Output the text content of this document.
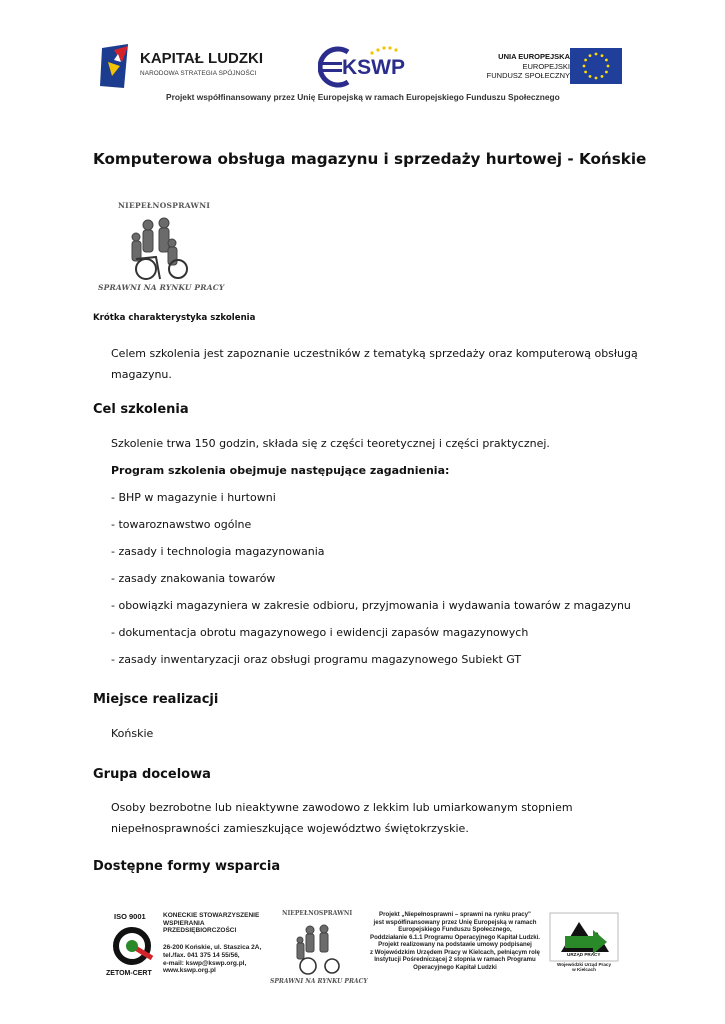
KAPITAŁ LUDZKI
NARODOWA STRATEGIA SPÓJNOŚCI	KSWP	UNIA EUROPEJSKA
EUROPEJSKI
FUNDUSZ SPOŁECZNY
Projekt współfinansowany przez Unię Europejską w ramach Europejskiego Funduszu Społecznego
Komputerowa obsługa magazynu i sprzedaży hurtowej - Końskie
NIEPEŁNOSPRAWNI
SPRAWNI NA RYNKU PRACY
Krótka charakterystyka szkolenia

Celem szkolenia jest zapoznanie uczestników z tematyką sprzedaży oraz komputerową obsługą magazynu.

Cel szkolenia

Szkolenie trwa 150 godzin, składa się z części teoretycznej i części praktycznej.

Program szkolenia obejmuje następujące zagadnienia:

- BHP w magazynie i hurtowni

- towaroznawstwo ogólne

- zasady i technologia magazynowania

- zasady znakowania towarów

- obowiązki magazyniera w zakresie odbioru, przyjmowania i wydawania towarów z magazynu

- dokumentacja obrotu magazynowego i ewidencji zapasów magazynowych

- zasady inwentaryzacji oraz obsługi programu magazynowego Subiekt GT

Miejsce realizacji

Końskie

Grupa docelowa

Osoby bezrobotne lub nieaktywne zawodowo z lekkim lub umiarkowanym stopniem niepełnosprawności zamieszkujące województwo świętokrzyskie.

Dostępne formy wsparcia
ISO 9001
ZETOM-CERT
KONECKIE STOWARZYSZENIE
WSPIERANIA
PRZEDSIĘBIORCZOŚCI
26-200 Końskie, ul. Staszica 2A,
tel./fax. 041 375 14 55/56,
e-mail: kswp@kswp.org.pl,
www.kswp.org.pl
NIEPEŁNOSPRAWNI
SPRAWNI NA RYNKU PRACY
Projekt „Niepełnosprawni – sprawni na rynku pracy"
jest współfinansowany przez Unię Europejską w ramach
Europejskiego Funduszu Społecznego,
Poddziałanie 6.1.1 Programu Operacyjnego Kapitał Ludzki.
Projekt realizowany na podstawie umowy podpisanej
z Wojewódzkim Urzędem Pracy w Kielcach, pełniącym rolę
Instytucji Pośredniczącej 2 stopnia w ramach Programu
Operacyjnego Kapitał Ludzki
URZĄD PRACY
Wojewódzki Urząd Pracy
w Kielcach
